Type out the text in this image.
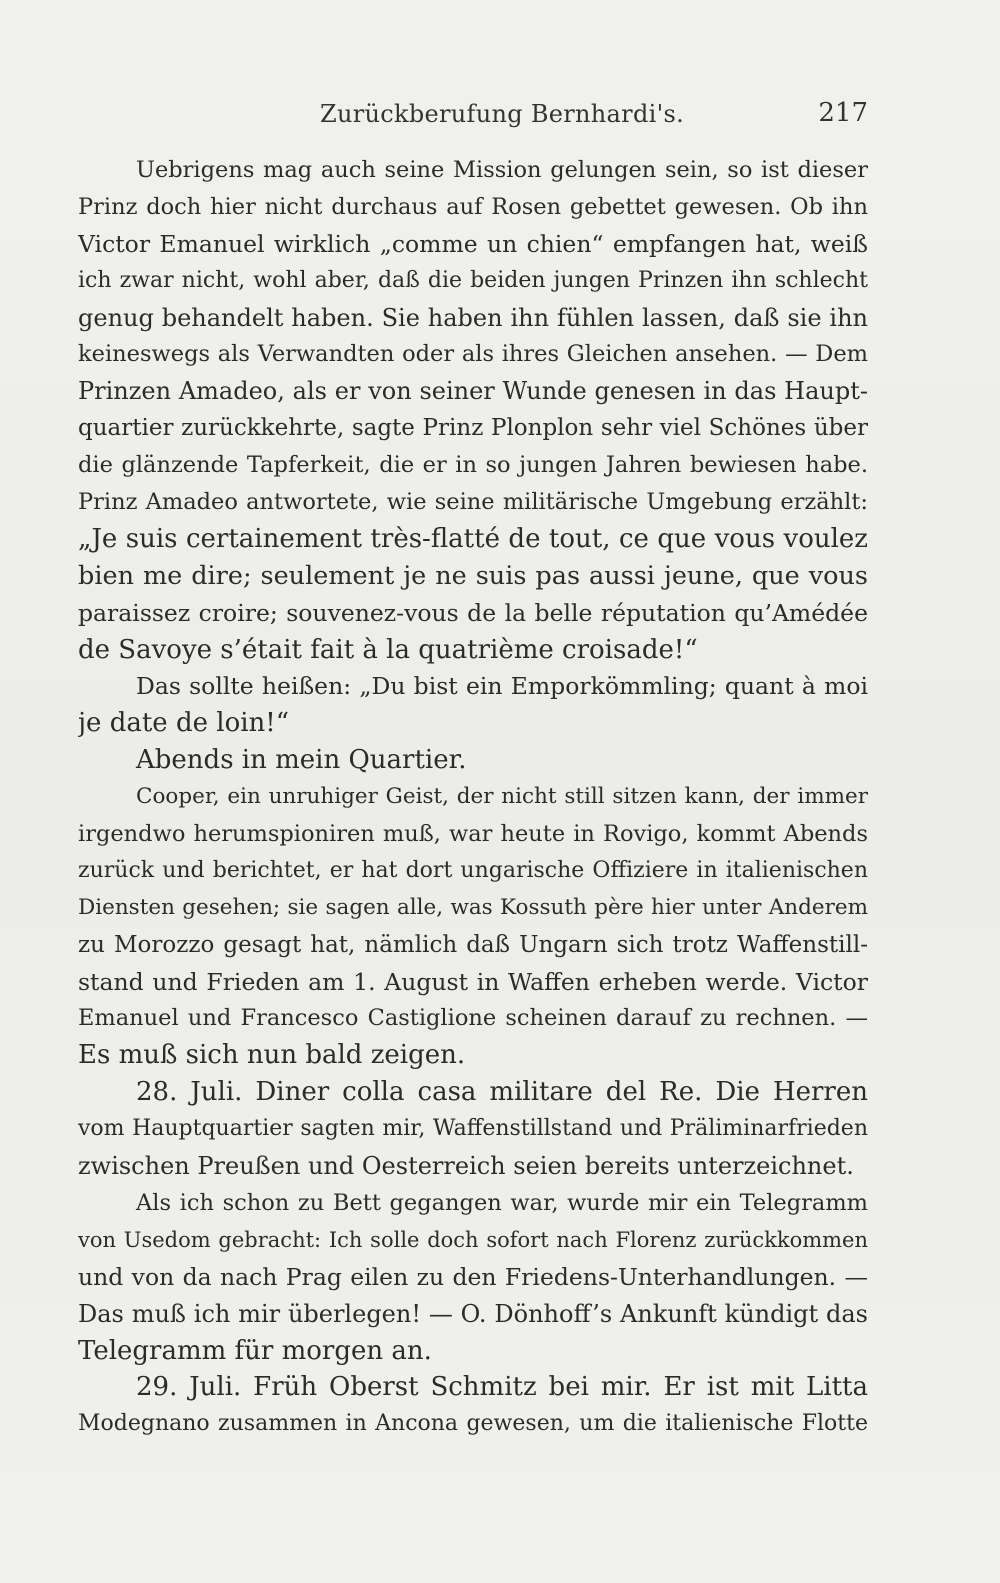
Zurückberufung Bernhardi's.	217
Uebrigens mag auch seine Mission gelungen sein, so ist dieser
Prinz doch hier nicht durchaus auf Rosen gebettet gewesen. Ob ihn
Victor Emanuel wirklich „comme un chien“ empfangen hat, weiß
ich zwar nicht, wohl aber, daß die beiden jungen Prinzen ihn schlecht
genug behandelt haben. Sie haben ihn fühlen lassen, daß sie ihn
keineswegs als Verwandten oder als ihres Gleichen ansehen. — Dem
Prinzen Amadeo, als er von seiner Wunde genesen in das Haupt-
quartier zurückkehrte, sagte Prinz Plonplon sehr viel Schönes über
die glänzende Tapferkeit, die er in so jungen Jahren bewiesen habe.
Prinz Amadeo antwortete, wie seine militärische Umgebung erzählt:
„Je suis certainement très-flatté de tout, ce que vous voulez
bien me dire; seulement je ne suis pas aussi jeune, que vous
paraissez croire; souvenez-vous de la belle réputation qu’Amédée
de Savoye s’était fait à la quatrième croisade!“
Das sollte heißen: „Du bist ein Emporkömmling; quant à moi
je date de loin!“
Abends in mein Quartier.
Cooper, ein unruhiger Geist, der nicht still sitzen kann, der immer
irgendwo herumspioniren muß, war heute in Rovigo, kommt Abends
zurück und berichtet, er hat dort ungarische Offiziere in italienischen
Diensten gesehen; sie sagen alle, was Kossuth père hier unter Anderem
zu Morozzo gesagt hat, nämlich daß Ungarn sich trotz Waffenstill-
stand und Frieden am 1. August in Waffen erheben werde. Victor
Emanuel und Francesco Castiglione scheinen darauf zu rechnen. —
Es muß sich nun bald zeigen.
28. Juli. Diner colla casa militare del Re. Die Herren
vom Hauptquartier sagten mir, Waffenstillstand und Präliminarfrieden
zwischen Preußen und Oesterreich seien bereits unterzeichnet.
Als ich schon zu Bett gegangen war, wurde mir ein Telegramm
von Usedom gebracht: Ich solle doch sofort nach Florenz zurückkommen
und von da nach Prag eilen zu den Friedens-Unterhandlungen. —
Das muß ich mir überlegen! — O. Dönhoff’s Ankunft kündigt das
Telegramm für morgen an.
29. Juli. Früh Oberst Schmitz bei mir. Er ist mit Litta
Modegnano zusammen in Ancona gewesen, um die italienische Flotte
